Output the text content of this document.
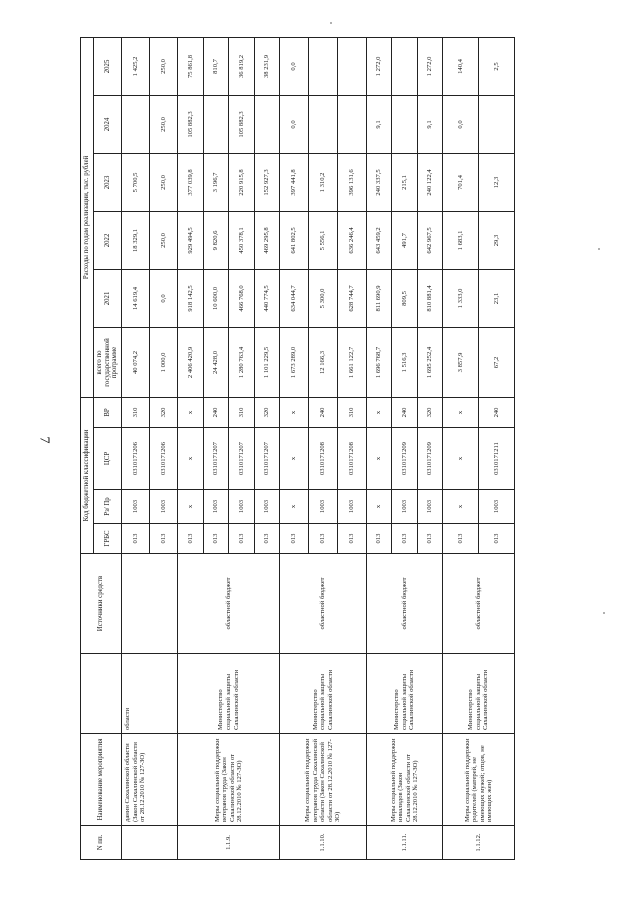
7
N пп.	Наименование мероприятия		Источники средств	Код бюджетной классификации				Расходы по годам реализации, тыс. рублей					
				ГРБС	Рз/ Пр	ЦСР	ВР	всего по государственной программе	2021	2022	2023	2024	2025
	данин Сахалинской области (Закон Сахалинской области от 28.12.2010 № 127-ЗО)	области		013	1003	0310171206	310	40 074,2	14 619,4	18 329,1	5 700,5		1 425,2
				013	1003	0310171206	320	1 000,0	0,0	250,0	250,0	250,0	250,0
1.1.9.	Меры социальной поддержки ветеранов труда (Закон Сахалинской области от 28.12.2010 № 127-ЗО)	Министерство социальной защиты Сахалинской области	областной бюджет	013	x	x	x	2 406 420,9	918 142,5	929 494,5	377 039,8	105 882,3	75 861,8
				013	1003	0310171207	240	24 428,0	10 600,0	9 820,6	3 196,7		810,7
				013	1003	0310171207	310	1 280 763,4	466 768,0	450 378,1	220 915,8	105 882,3	36 819,2
				013	1003	0310171207	320	1 101 229,5	440 774,5	469 295,8	152 927,3		38 231,9
1.1.10.	Меры социальной поддержки ветеранов труда Сахалинской области (Закон Сахалинской области от 28.12.2010 № 127-ЗО)	Министерство социальной защиты Сахалинской области	областной бюджет	013	x	x	x	1 673 289,0	634 044,7	641 802,5	397 441,8	0,0	0,0
				013	1003	0310171208	240	12 166,3	5 300,0	5 556,1	1 310,2		
				013	1003	0310171208	310	1 661 122,7	628 744,7	636 246,4	396 131,6		
1.1.11.	Меры социальной поддержки инвалидов (Закон Сахалинской области от 28.12.2010 № 127-ЗО)	Министерство социальной защиты Сахалинской области	областной бюджет	013	x	x	x	1 696 768,7	811 690,9	643 459,2	240 337,5	9,1	1 272,0
				013	1003	0310171209	240	1 516,3	809,5	491,7	215,1		
				013	1003	0310171209	320	1 695 252,4	810 881,4	642 967,5	240 122,4	9,1	1 272,0
1.1.12.	Меры социальной поддержки родителей (матерей, не имеющих мужей; отцов, не имеющих жен)	Министерство социальной защиты Сахалинской области	областной бюджет	013	x	x	x	3 857,9	1 333,0	1 683,1	701,4	0,0	140,4
				013	1003	0310171211	240	67,2	23,1	29,3	12,3		2,5
